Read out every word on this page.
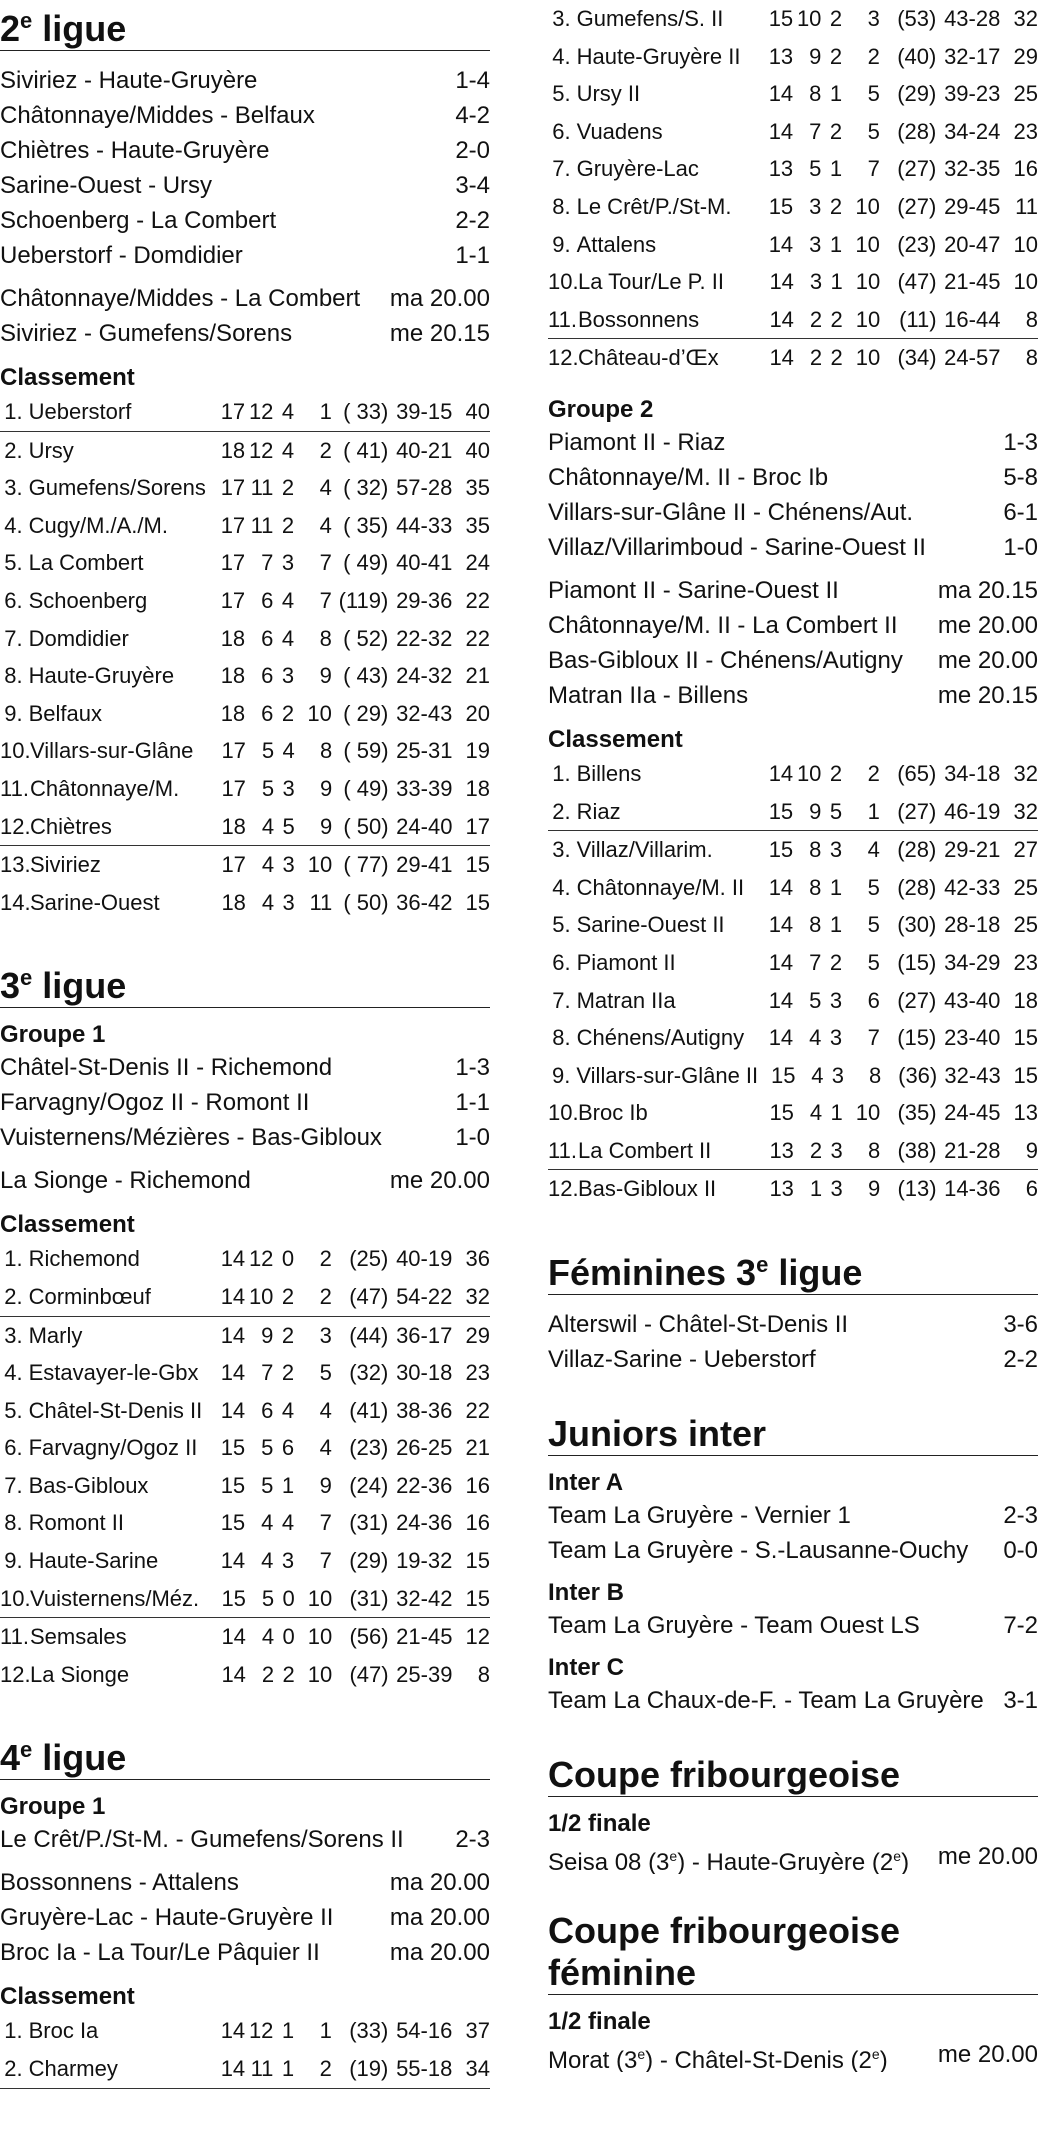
2e ligue
Siviriez - Haute-Gruyère	1-4
Châtonnaye/Middes - Belfaux	4-2
Chiètres - Haute-Gruyère	2-0
Sarine-Ouest - Ursy	3-4
Schoenberg - La Combert	2-2
Ueberstorf - Domdidier	1-1
Châtonnaye/Middes - La Combert	ma 20.00
Siviriez - Gumefens/Sorens	me 20.15
Classement
1. Ueberstorf	17 12 4	1 ( 33) 39-15 40
2. Ursy	18 12 4	2 ( 41) 40-21 40
3. Gumefens/Sorens 17 11 2	4 ( 32) 57-28 35
4. Cugy/M./A./M.	17 11 2	4 ( 35) 44-33 35
5. La Combert	17 7 3	7 ( 49) 40-41 24
6. Schoenberg	17 6 4	7 (119) 29-36 22
7. Domdidier	18 6 4	8 ( 52) 22-32 22
8. Haute-Gruyère	18 6 3	9 ( 43) 24-32 21
9. Belfaux	18 6 2 10 ( 29) 32-43 20
10. Villars-sur-Glâne	17 5 4	8 ( 59) 25-31 19
11. Châtonnaye/M.	17 5 3	9 ( 49) 33-39 18
12. Chiètres	18 4 5	9 ( 50) 24-40 17
13. Siviriez	17 4 3 10 ( 77) 29-41 15
14. Sarine-Ouest	18 4 3 11 ( 50) 36-42 15
3e ligue
Groupe 1
Châtel-St-Denis II - Richemond	1-3
Farvagny/Ogoz II - Romont II	1-1
Vuisternens/Mézières - Bas-Gibloux	1-0
La Sionge - Richemond	me 20.00
Classement
1. Richemond	14 12 0	2 (25) 40-19 36
2. Corminbœuf	14 10 2	2 (47) 54-22 32
3. Marly	14 9 2	3 (44) 36-17 29
4. Estavayer-le-Gbx	14 7 2	5 (32) 30-18 23
5. Châtel-St-Denis II 14 6 4	4 (41) 38-36 22
6. Farvagny/Ogoz II	15 5 6	4 (23) 26-25 21
7. Bas-Gibloux	15 5 1	9 (24) 22-36 16
8. Romont II	15 4 4	7 (31) 24-36 16
9. Haute-Sarine	14 4 3	7 (29) 19-32 15
10. Vuisternens/Méz.	15 5 0 10 (31) 32-42 15
11. Semsales	14 4 0 10 (56) 21-45 12
12. La Sionge	14 2 2 10 (47) 25-39	8
4e ligue
Groupe 1
Le Crêt/P./St-M. - Gumefens/Sorens II	2-3
Bossonnens - Attalens	ma 20.00
Gruyère-Lac - Haute-Gruyère II	ma 20.00
Broc Ia - La Tour/Le Pâquier II	ma 20.00
Classement
1. Broc Ia	14 12 1	1 (33) 54-16 37
2. Charmey	14 11 1	2 (19) 55-18 34
3. Gumefens/S. II	15 10 2	3 (53) 43-28 32
4. Haute-Gruyère II	13 9 2	2 (40) 32-17 29
5. Ursy II	14 8 1	5 (29) 39-23 25
6. Vuadens	14 7 2	5 (28) 34-24 23
7. Gruyère-Lac	13 5 1	7 (27) 32-35 16
8. Le Crêt/P./St-M.	15 3 2 10 (27) 29-45 11
9. Attalens	14 3 1 10 (23) 20-47 10
10. La Tour/Le P. II	14 3 1 10 (47) 21-45 10
11. Bossonnens	14 2 2 10 (11) 16-44	8
12. Château-d’Œx	14 2 2 10 (34) 24-57	8
Groupe 2
Piamont II - Riaz	1-3
Châtonnaye/M. II - Broc Ib	5-8
Villars-sur-Glâne II - Chénens/Aut.	6-1
Villaz/Villarimboud - Sarine-Ouest II	1-0
Piamont II - Sarine-Ouest II	ma 20.15
Châtonnaye/M. II - La Combert II	me 20.00
Bas-Gibloux II - Chénens/Autigny	me 20.00
Matran IIa - Billens	me 20.15
Classement
1. Billens	14 10 2	2 (65) 34-18 32
2. Riaz	15 9 5	1 (27) 46-19 32
3. Villaz/Villarim.	15 8 3	4 (28) 29-21 27
4. Châtonnaye/M. II	14 8 1	5 (28) 42-33 25
5. Sarine-Ouest II	14 8 1	5 (30) 28-18 25
6. Piamont II	14 7 2	5 (15) 34-29 23
7. Matran IIa	14 5 3	6 (27) 43-40 18
8. Chénens/Autigny	14 4 3	7 (15) 23-40 15
9. Villars-sur-Glâne II 15 4 3	8 (36) 32-43 15
10. Broc Ib	15 4 1 10 (35) 24-45 13
11. La Combert II	13 2 3	8 (38) 21-28	9
12. Bas-Gibloux II	13 1 3	9 (13) 14-36	6
Féminines 3e ligue
Alterswil - Châtel-St-Denis II	3-6
Villaz-Sarine - Ueberstorf	2-2
Juniors inter
Inter A
Team La Gruyère - Vernier 1	2-3
Team La Gruyère - S.-Lausanne-Ouchy	0-0
Inter B
Team La Gruyère - Team Ouest LS	7-2
Inter C
Team La Chaux-de-F. - Team La Gruyère 3-1
Coupe fribourgeoise
1/2 finale
Seisa 08 (3e) - Haute-Gruyère (2e)	me 20.00
Coupe fribourgeoise féminine
1/2 finale
Morat (3e) - Châtel-St-Denis (2e)	me 20.00
